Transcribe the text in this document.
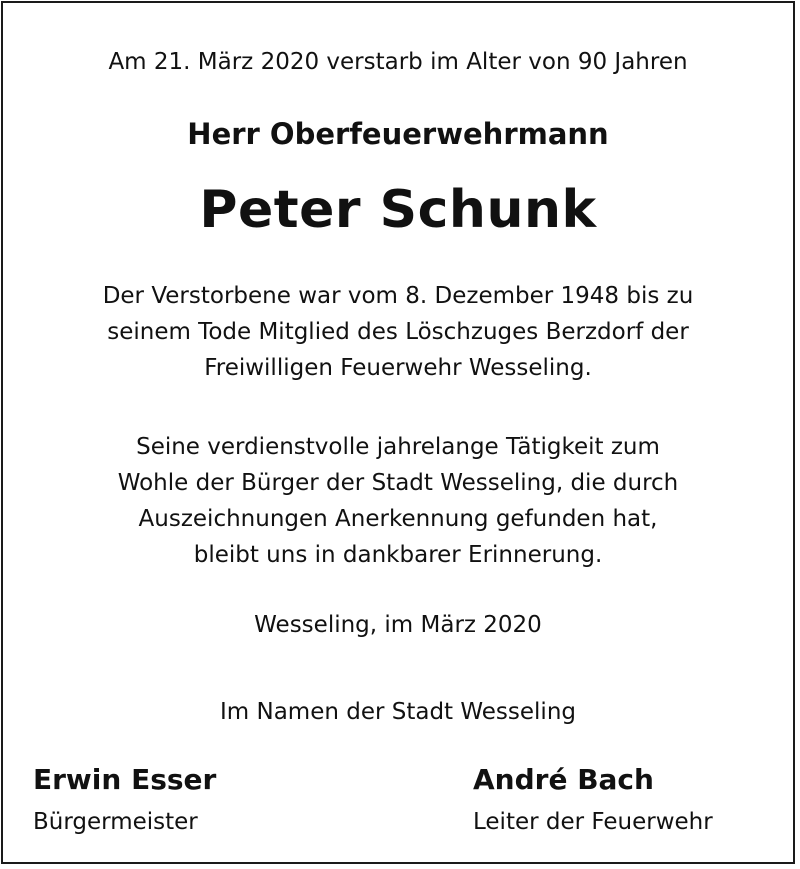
Am 21. März 2020 verstarb im Alter von 90 Jahren
Herr Oberfeuerwehrmann
Peter Schunk
Der Verstorbene war vom 8. Dezember 1948 bis zu
seinem Tode Mitglied des Löschzuges Berzdorf der
Freiwilligen Feuerwehr Wesseling.
Seine verdienstvolle jahrelange Tätigkeit zum
Wohle der Bürger der Stadt Wesseling, die durch
Auszeichnungen Anerkennung gefunden hat,
bleibt uns in dankbarer Erinnerung.
Wesseling, im März 2020
Im Namen der Stadt Wesseling
Erwin Esser
Bürgermeister
André Bach
Leiter der Feuerwehr
